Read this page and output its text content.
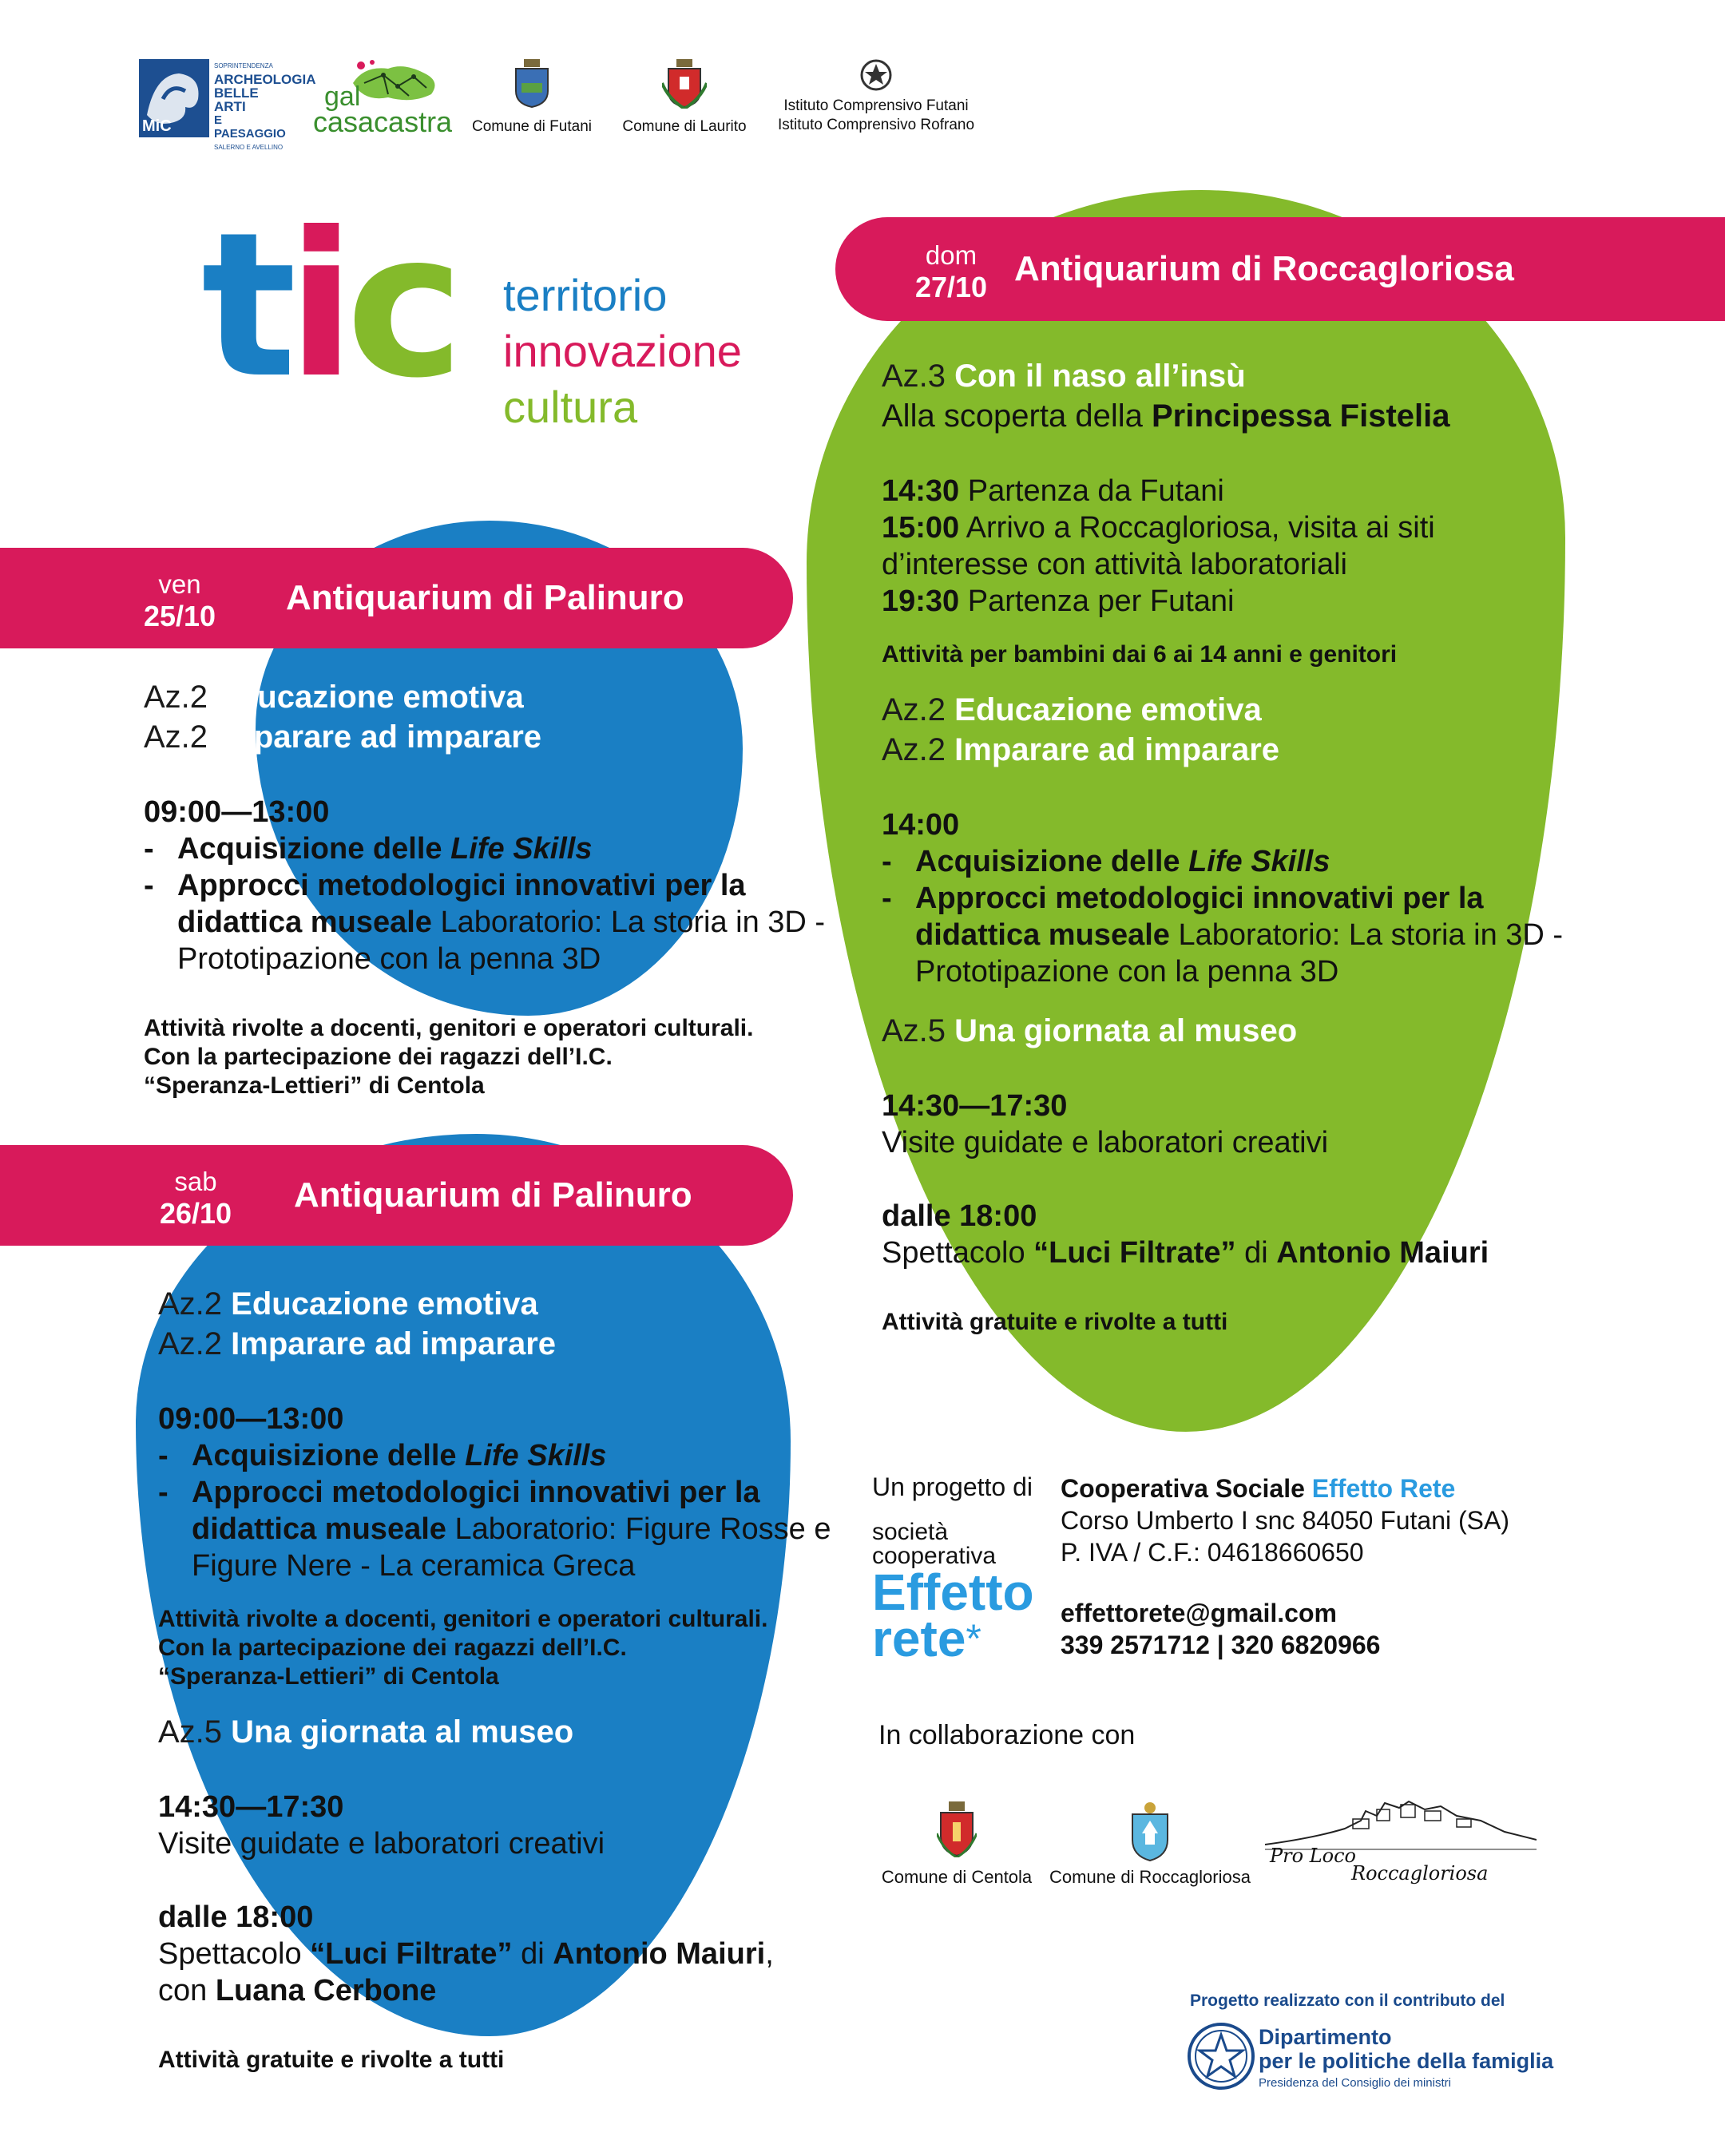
MiC
SOPRINTENDENZA
ARCHEOLOGIA
BELLE ARTI
E PAESAGGIO
SALERNO E AVELLINO
gal
casacastra Comune di Futani	Comune di Laurito
Istituto Comprensivo Futani
Istituto Comprensivo Rofrano
tic territorio
innovazione
cultura
ven
25/10	Antiquarium di Palinuro
sab
26/10	Antiquarium di Palinuro
dom
27/10 Antiquarium di Roccagloriosa
Az.2 Educazione emotiva
Az.2 Imparare ad imparare
09:00—13:00
- Acquisizione delle Life Skills
- Approcci metodologici innovativi per la didattica museale Laboratorio: La storia in 3D - Prototipazione con la penna 3D
Attività rivolte a docenti, genitori e operatori culturali.
Con la partecipazione dei ragazzi dell’I.C.
“Speranza-Lettieri” di Centola
Az.2 Educazione emotiva
Az.2 Imparare ad imparare
09:00—13:00
- Acquisizione delle Life Skills
- Approcci metodologici innovativi per la didattica museale Laboratorio: Figure Rosse e Figure Nere - La ceramica Greca
Attività rivolte a docenti, genitori e operatori culturali.
Con la partecipazione dei ragazzi dell’I.C.
“Speranza-Lettieri” di Centola
Az.5 Una giornata al museo
14:30—17:30
Visite guidate e laboratori creativi
dalle 18:00
Spettacolo “Luci Filtrate” di Antonio Maiuri,
con Luana Cerbone
Attività gratuite e rivolte a tutti
Az.3 Con il naso all’insù
Alla scoperta della Principessa Fistelia
14:30 Partenza da Futani
15:00 Arrivo a Roccagloriosa, visita ai siti d’interesse con attività laboratoriali
19:30 Partenza per Futani
Attività per bambini dai 6 ai 14 anni e genitori
Az.2 Educazione emotiva
Az.2 Imparare ad imparare
14:00
- Acquisizione delle Life Skills
- Approcci metodologici innovativi per la didattica museale Laboratorio: La storia in 3D - Prototipazione con la penna 3D
Az.5 Una giornata al museo
14:30—17:30
Visite guidate e laboratori creativi
dalle 18:00
Spettacolo “Luci Filtrate” di Antonio Maiuri
Attività gratuite e rivolte a tutti
Un progetto di
società
cooperativa
Effetto
rete*
Cooperativa Sociale Effetto Rete
Corso Umberto I snc 84050 Futani (SA)
P. IVA / C.F.: 04618660650
effettorete@gmail.com
339 2571712 | 320 6820966
In collaborazione con
Comune di Centola Comune di Roccagloriosa
Pro Loco
Roccagloriosa
Progetto realizzato con il contributo del
Dipartimento
per le politiche della famiglia
Presidenza del Consiglio dei ministri
